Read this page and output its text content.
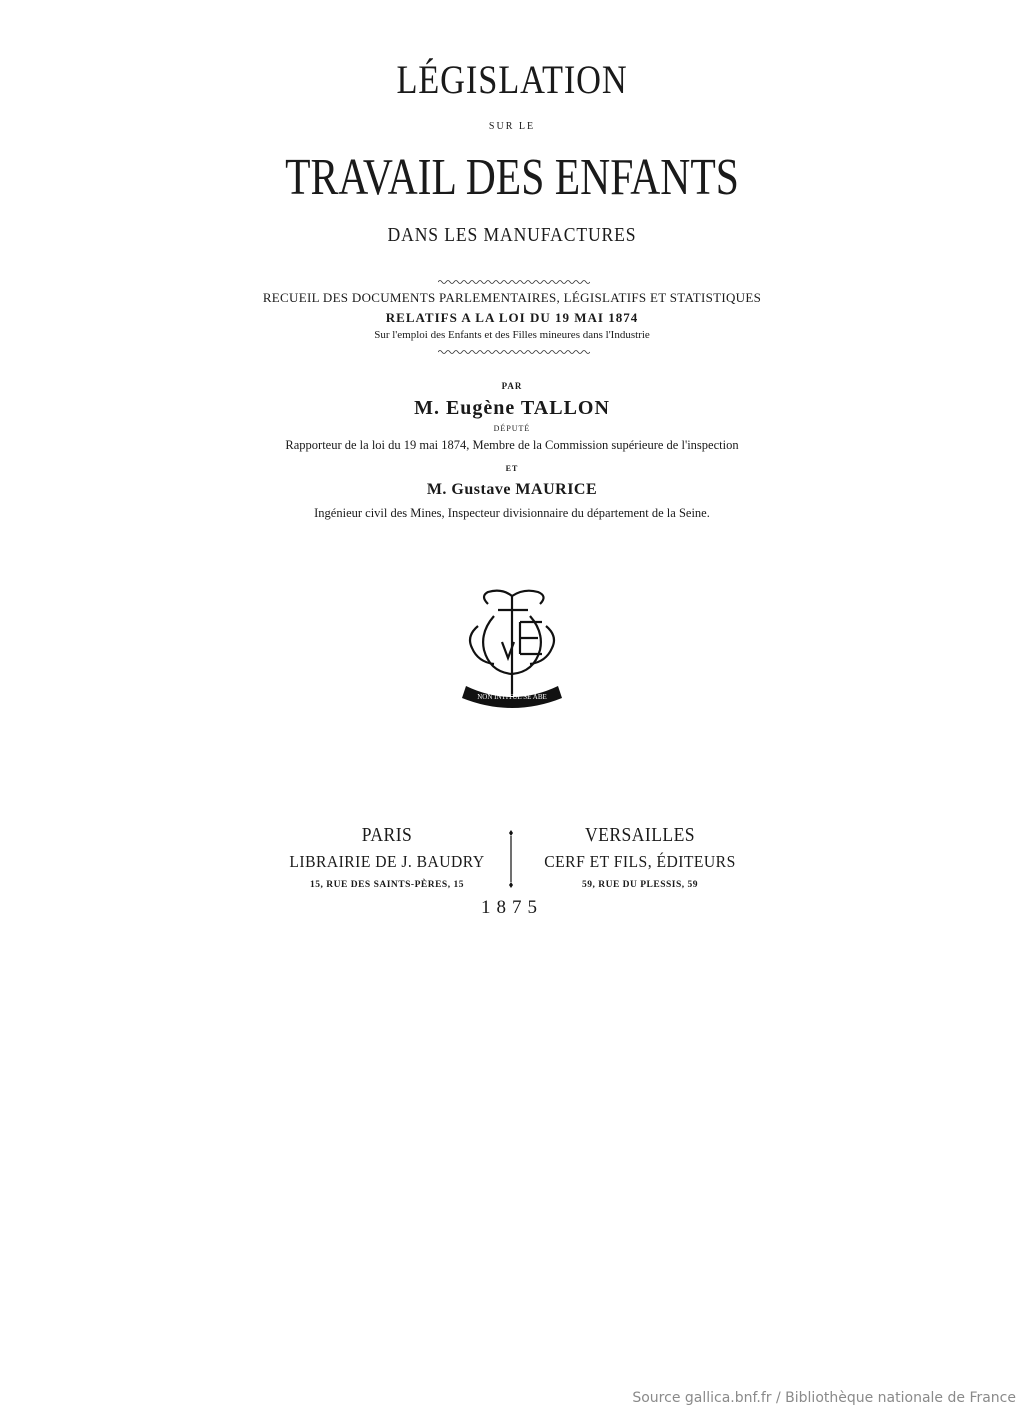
LÉGISLATION
SUR LE
TRAVAIL DES ENFANTS
DANS LES MANUFACTURES
RECUEIL DES DOCUMENTS PARLEMENTAIRES, LÉGISLATIFS ET STATISTIQUES
RELATIFS A LA LOI DU 19 MAI 1874
Sur l'emploi des Enfants et des Filles mineures dans l'Industrie
PAR
M. Eugène TALLON
DÉPUTÉ
Rapporteur de la loi du 19 mai 1874, Membre de la Commission supérieure de l'inspection
ET
M. Gustave MAURICE
Ingénieur civil des Mines, Inspecteur divisionnaire du département de la Seine.
NON INTITUL SE ABE
PARIS
LIBRAIRIE DE J. BAUDRY
15, RUE DES SAINTS-PÈRES, 15
VERSAILLES
CERF ET FILS, ÉDITEURS
59, RUE DU PLESSIS, 59
1875
Source gallica.bnf.fr / Bibliothèque nationale de France
